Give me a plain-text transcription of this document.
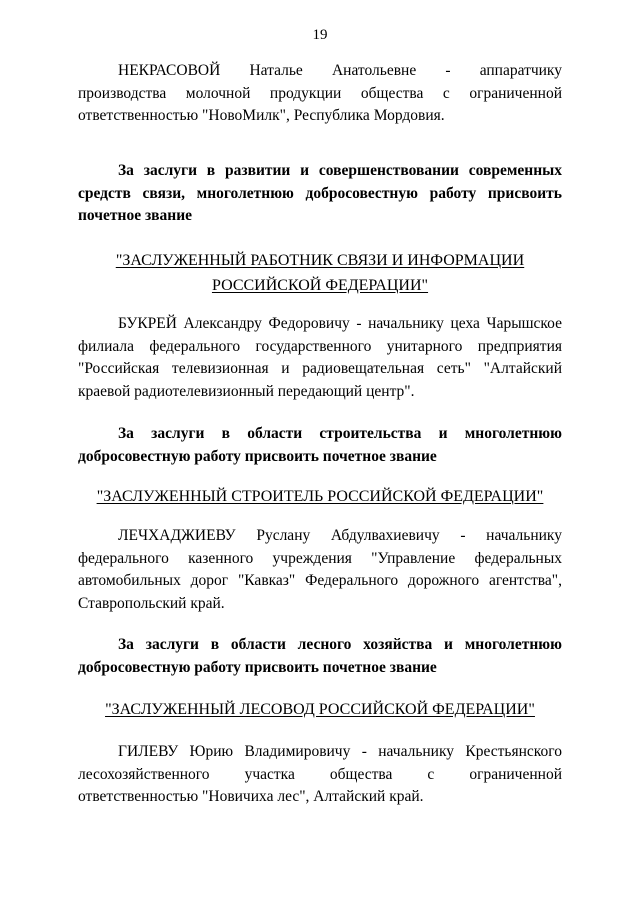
19
НЕКРАСОВОЙ Наталье Анатольевне - аппаратчику
производства молочной продукции общества с ограниченной
ответственностью "НовоМилк", Республика Мордовия.
За заслуги в развитии и совершенствовании современных
средств связи, многолетнюю добросовестную работу присвоить
почетное звание
"ЗАСЛУЖЕННЫЙ РАБОТНИК СВЯЗИ И ИНФОРМАЦИИ
РОССИЙСКОЙ ФЕДЕРАЦИИ"
БУКРЕЙ Александру Федоровичу - начальнику цеха Чарышское
филиала федерального государственного унитарного предприятия
"Российская телевизионная и радиовещательная сеть" "Алтайский
краевой радиотелевизионный передающий центр".
За заслуги в области строительства и многолетнюю
добросовестную работу присвоить почетное звание
"ЗАСЛУЖЕННЫЙ СТРОИТЕЛЬ РОССИЙСКОЙ ФЕДЕРАЦИИ"
ЛЕЧХАДЖИЕВУ Руслану Абдулвахиевичу - начальнику
федерального казенного учреждения "Управление федеральных
автомобильных дорог "Кавказ" Федерального дорожного агентства",
Ставропольский край.
За заслуги в области лесного хозяйства и многолетнюю
добросовестную работу присвоить почетное звание
"ЗАСЛУЖЕННЫЙ ЛЕСОВОД РОССИЙСКОЙ ФЕДЕРАЦИИ"
ГИЛЕВУ Юрию Владимировичу - начальнику Крестьянского
лесохозяйственного участка общества с ограниченной
ответственностью "Новичиха лес", Алтайский край.
